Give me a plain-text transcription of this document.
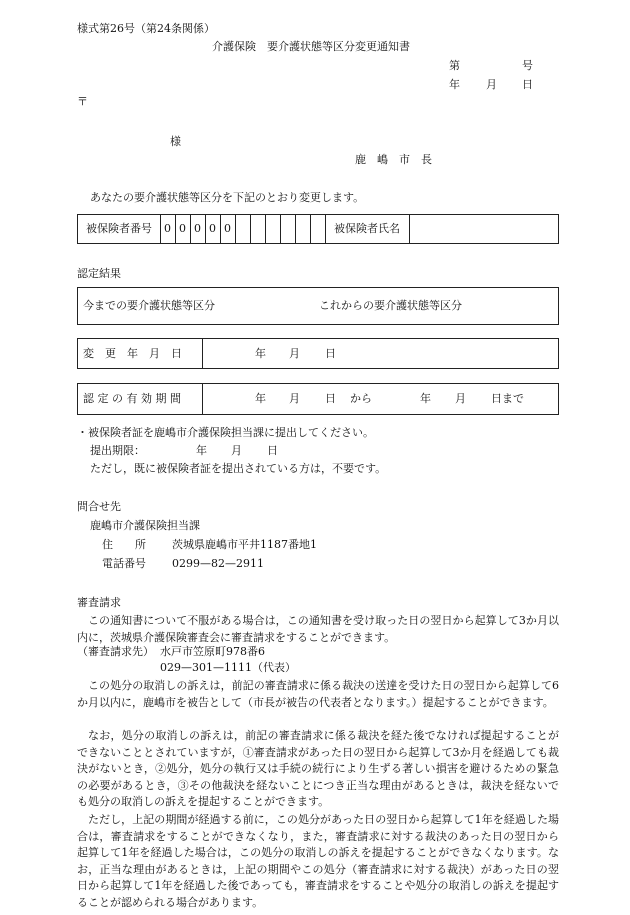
様式第26号（第24条関係）
介護保険　要介護状態等区分変更通知書
第	号
年 月 日
〒
様
鹿　嶋　市　長
あなたの要介護状態等区分を下記のとおり変更します。
被保険者番号	0 0 0 0 0	被保険者氏名
認定結果
今までの要介護状態等区分	これからの要介護状態等区分
変　更　年　月　日	年 月 日
認 定 の 有 効 期 間	年 月 日 から	年 月 日まで
・被保険者証を鹿嶋市介護保険担当課に提出してください。
提出期限：	年 月 日
ただし，既に被保険者証を提出されている方は，不要です。
問合せ先
鹿嶋市介護保険担当課
住　　所 茨城県鹿嶋市平井1187番地1
電話番号 0299—82—2911
審査請求

この通知書について不服がある場合は，この通知書を受け取った日の翌日から起算して3か月以内に，茨城県介護保険審査会に審査請求をすることができます。

（審査請求先） 水戸市笠原町978番6
029—301—1111（代表）

この処分の取消しの訴えは，前記の審査請求に係る裁決の送達を受けた日の翌日から起算して6か月以内に，鹿嶋市を被告として（市長が被告の代表者となります。）提起することができます。

なお，処分の取消しの訴えは，前記の審査請求に係る裁決を経た後でなければ提起することができないこととされていますが，①審査請求があった日の翌日から起算して3か月を経過しても裁決がないとき，②処分，処分の執行又は手続の続行により生ずる著しい損害を避けるための緊急の必要があるとき，③その他裁決を経ないことにつき正当な理由があるときは，裁決を経ないでも処分の取消しの訴えを提起することができます。

ただし，上記の期間が経過する前に，この処分があった日の翌日から起算して1年を経過した場合は，審査請求をすることができなくなり，また，審査請求に対する裁決のあった日の翌日から起算して1年を経過した場合は，この処分の取消しの訴えを提起することができなくなります。なお，正当な理由があるときは，上記の期間やこの処分（審査請求に対する裁決）があった日の翌日から起算して1年を経過した後であっても，審査請求をすることや処分の取消しの訴えを提起することが認められる場合があります。
